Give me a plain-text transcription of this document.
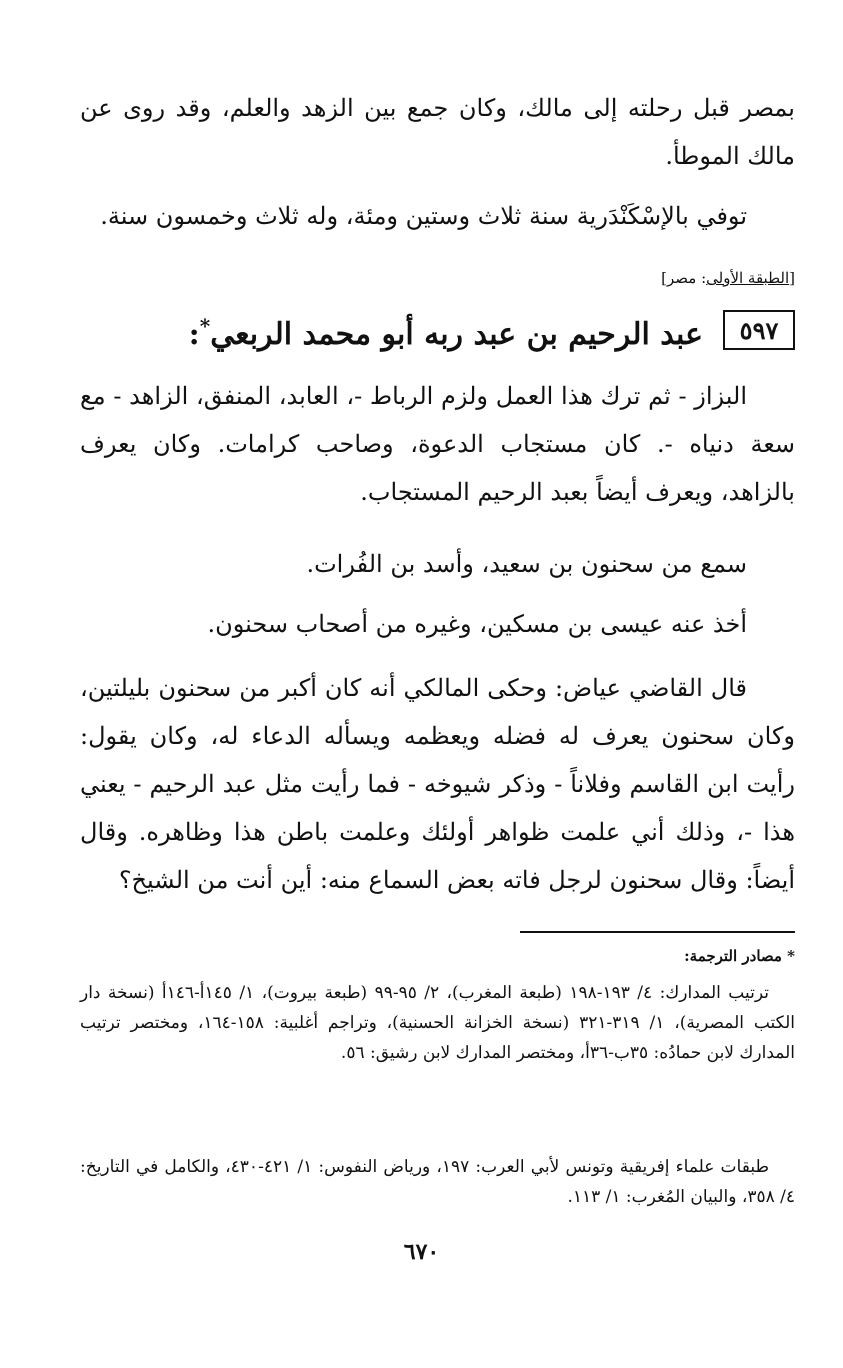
بمصر قبل رحلته إلى مالك، وكان جمع بين الزهد والعلم، وقد روى عن مالك الموطأ.

توفي بالإسْكَنْدَرية سنة ثلاث وستين ومئة، وله ثلاث وخمسون سنة.

[الطبقة الأولى: مصر]
٥٩٧
عبد الرحيم بن عبد ربه أبو محمد الربعي*:

البزاز - ثم ترك هذا العمل ولزم الرباط -، العابد، المنفق، الزاهد - مع سعة دنياه -. كان مستجاب الدعوة، وصاحب كرامات. وكان يعرف بالزاهد، ويعرف أيضاً بعبد الرحيم المستجاب.

سمع من سحنون بن سعيد، وأسد بن الفُرات.

أخذ عنه عيسى بن مسكين، وغيره من أصحاب سحنون.

قال القاضي عياض: وحكى المالكي أنه كان أكبر من سحنون بليلتين، وكان سحنون يعرف له فضله ويعظمه ويسأله الدعاء له، وكان يقول: رأيت ابن القاسم وفلاناً - وذكر شيوخه - فما رأيت مثل عبد الرحيم - يعني هذا -، وذلك أني علمت ظواهر أولئك وعلمت باطن هذا وظاهره. وقال أيضاً: وقال سحنون لرجل فاته بعض السماع منه: أين أنت من الشيخ؟

* مصادر الترجمة:

ترتيب المدارك: ٤/ ١٩٣-١٩٨ (طبعة المغرب)، ٢/ ٩٥-٩٩ (طبعة بيروت)، ١/ ١٤٥أ-١٤٦أ (نسخة دار الكتب المصرية)، ١/ ٣١٩-٣٢١ (نسخة الخزانة الحسنية)، وتراجم أغلبية: ١٥٨-١٦٤، ومختصر ترتيب المدارك لابن حمادُه: ٣٥ب-٣٦أ، ومختصر المدارك لابن رشيق: ٥٦.

طبقات علماء إفريقية وتونس لأبي العرب: ١٩٧، ورياض النفوس: ١/ ٤٢١-٤٣٠، والكامل في التاريخ: ٤/ ٣٥٨، والبيان المُغرب: ١/ ١١٣.

٦٧٠
